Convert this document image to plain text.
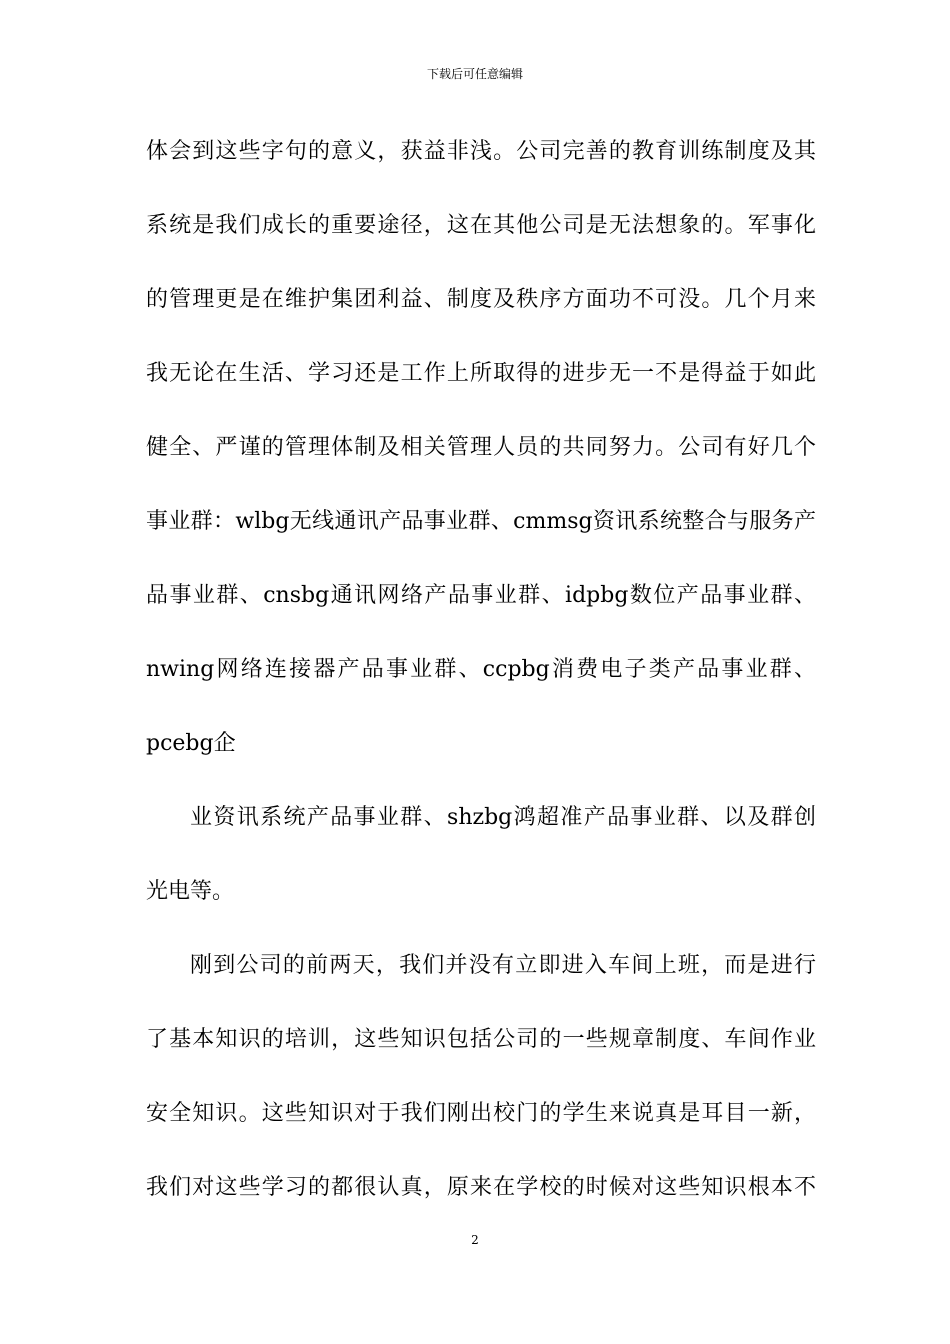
下载后可任意编辑
体会到这些字句的意义，获益非浅。公司完善的教育训练制度及其
系统是我们成长的重要途径，这在其他公司是无法想象的。军事化
的管理更是在维护集团利益、制度及秩序方面功不可没。几个月来
我无论在生活、学习还是工作上所取得的进步无一不是得益于如此
健全、严谨的管理体制及相关管理人员的共同努力。公司有好几个
事业群：wlbg无线通讯产品事业群、cmmsg资讯系统整合与服务产
品事业群、cnsbg通讯网络产品事业群、idpbg数位产品事业群、
nwing网络连接器产品事业群、ccpbg消费电子类产品事业群、
pcebg企
业资讯系统产品事业群、shzbg鸿超准产品事业群、以及群创
光电等。
刚到公司的前两天，我们并没有立即进入车间上班，而是进行
了基本知识的培训，这些知识包括公司的一些规章制度、车间作业
安全知识。这些知识对于我们刚出校门的学生来说真是耳目一新，
我们对这些学习的都很认真，原来在学校的时候对这些知识根本不
2
